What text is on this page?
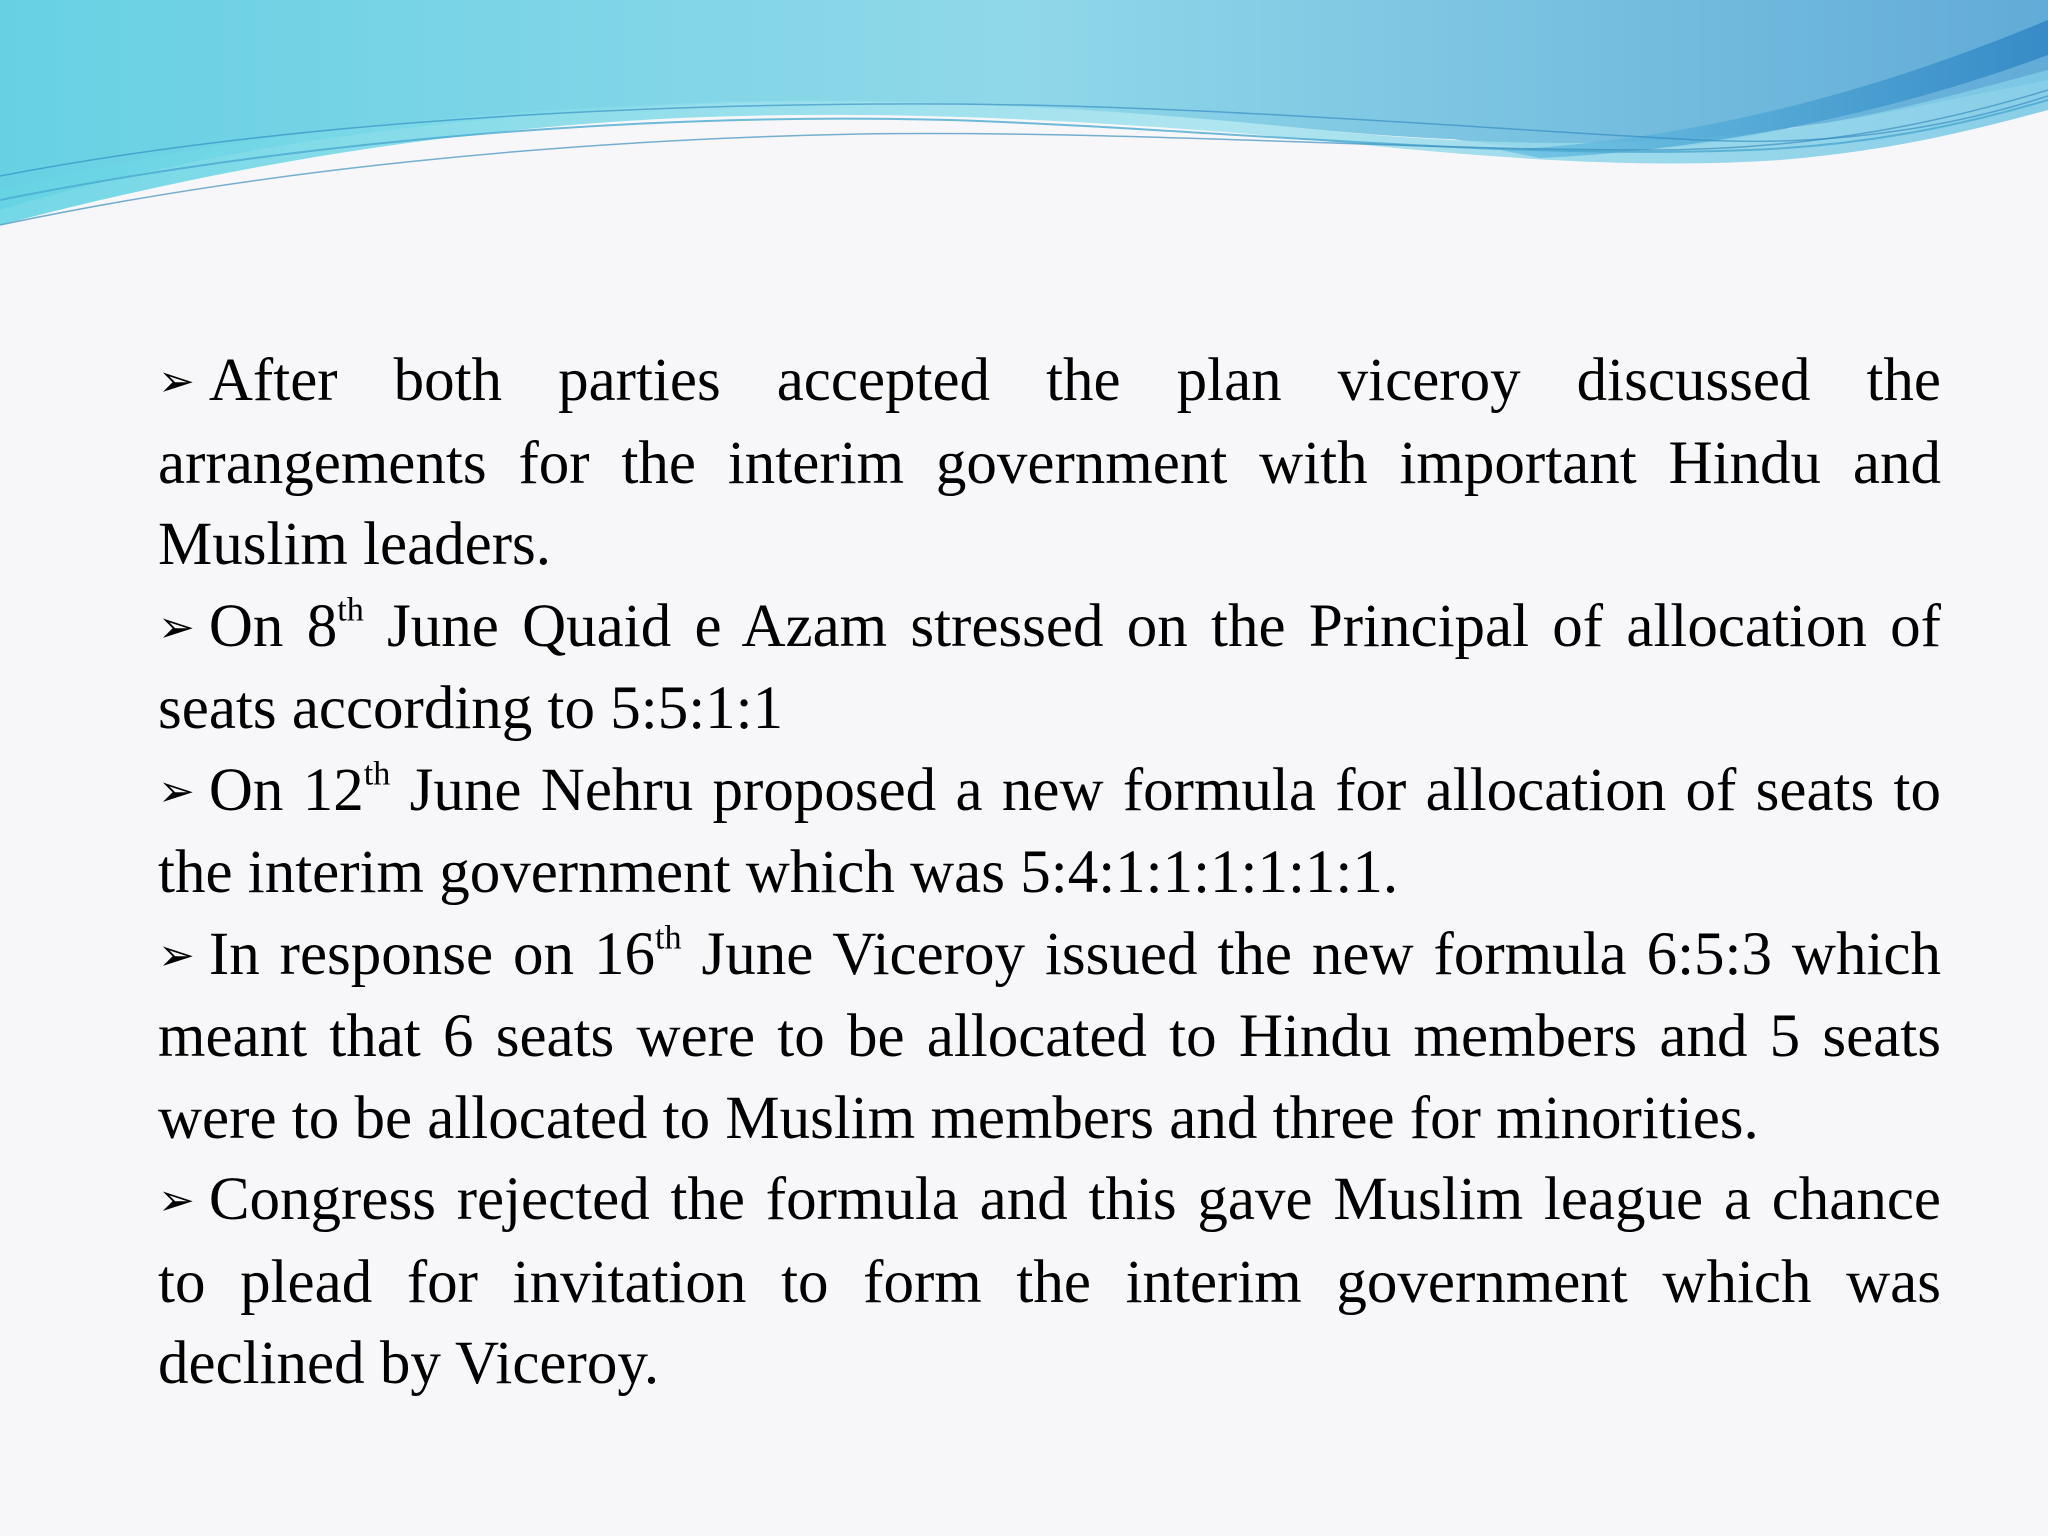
➢ After both parties accepted the plan viceroy discussed the arrangements for the interim government with important Hindu and Muslim leaders.

➢ On 8th June Quaid e Azam stressed on the Principal of allocation of seats according to 5:5:1:1

➢ On 12th June Nehru proposed a new formula for allocation of seats to the interim government which was 5:4:1:1:1:1:1:1.

➢ In response on 16th June Viceroy issued the new formula 6:5:3 which meant that 6 seats were to be allocated to Hindu members and 5 seats were to be allocated to Muslim members and three for minorities.

➢ Congress rejected the formula and this gave Muslim league a chance to plead for invitation to form the interim government which was declined by Viceroy.
